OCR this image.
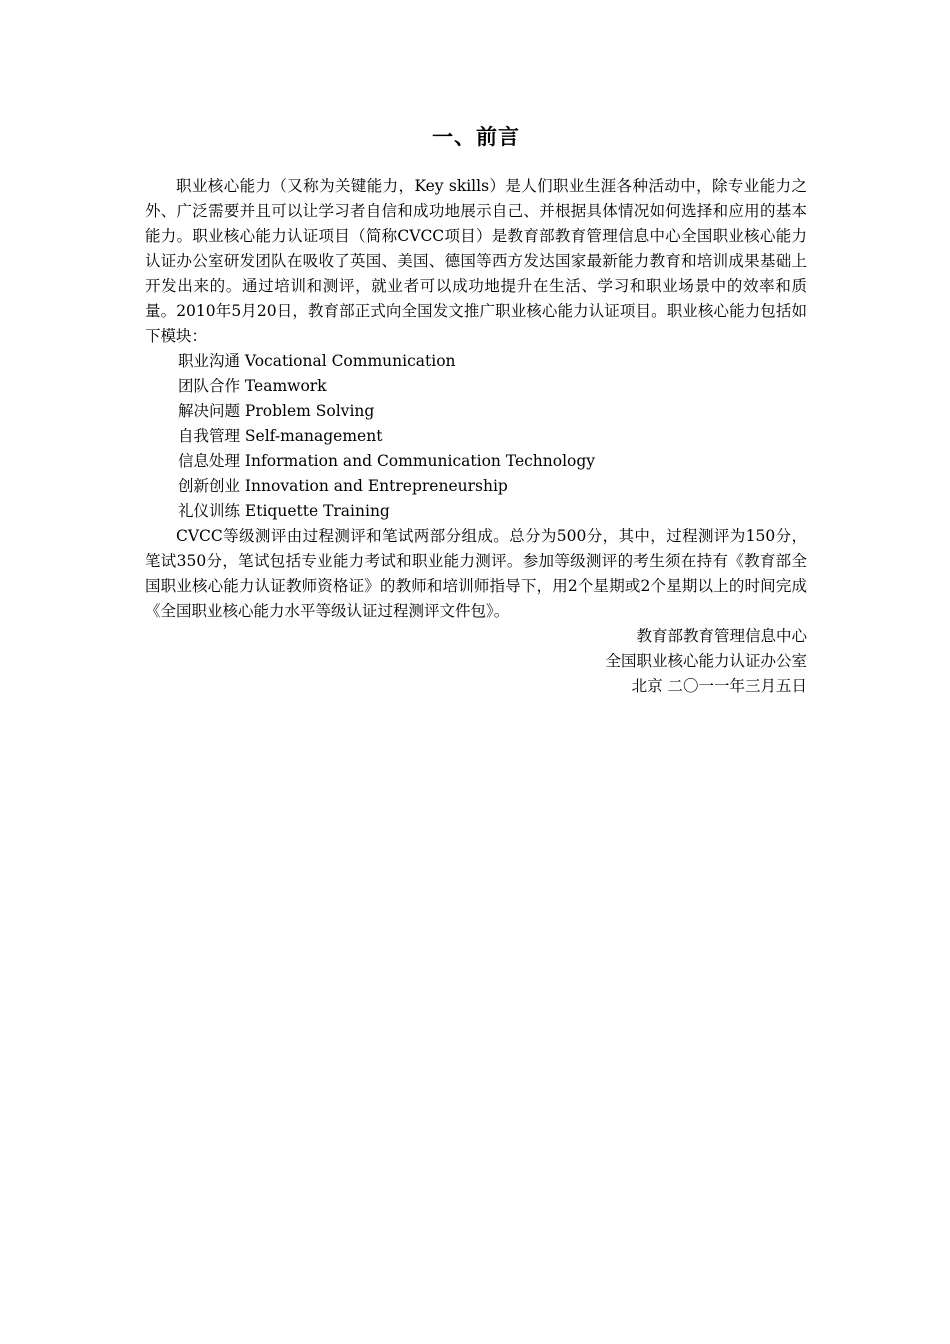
一、前言

职业核心能力（又称为关键能力，Key skills）是人们职业生涯各种活动中，除专业能力之外、广泛需要并且可以让学习者自信和成功地展示自己、并根据具体情况如何选择和应用的基本能力。职业核心能力认证项目（简称CVCC项目）是教育部教育管理信息中心全国职业核心能力认证办公室研发团队在吸收了英国、美国、德国等西方发达国家最新能力教育和培训成果基础上开发出来的。通过培训和测评，就业者可以成功地提升在生活、学习和职业场景中的效率和质量。2010年5月20日，教育部正式向全国发文推广职业核心能力认证项目。职业核心能力包括如下模块：

职业沟通 Vocational Communication

团队合作 Teamwork

解决问题 Problem Solving

自我管理 Self-management

信息处理 Information and Communication Technology

创新创业 Innovation and Entrepreneurship

礼仪训练 Etiquette Training

CVCC等级测评由过程测评和笔试两部分组成。总分为500分，其中，过程测评为150分，笔试350分，笔试包括专业能力考试和职业能力测评。参加等级测评的考生须在持有《教育部全国职业核心能力认证教师资格证》的教师和培训师指导下，用2个星期或2个星期以上的时间完成《全国职业核心能力水平等级认证过程测评文件包》。

教育部教育管理信息中心

全国职业核心能力认证办公室

北京 二〇一一年三月五日
